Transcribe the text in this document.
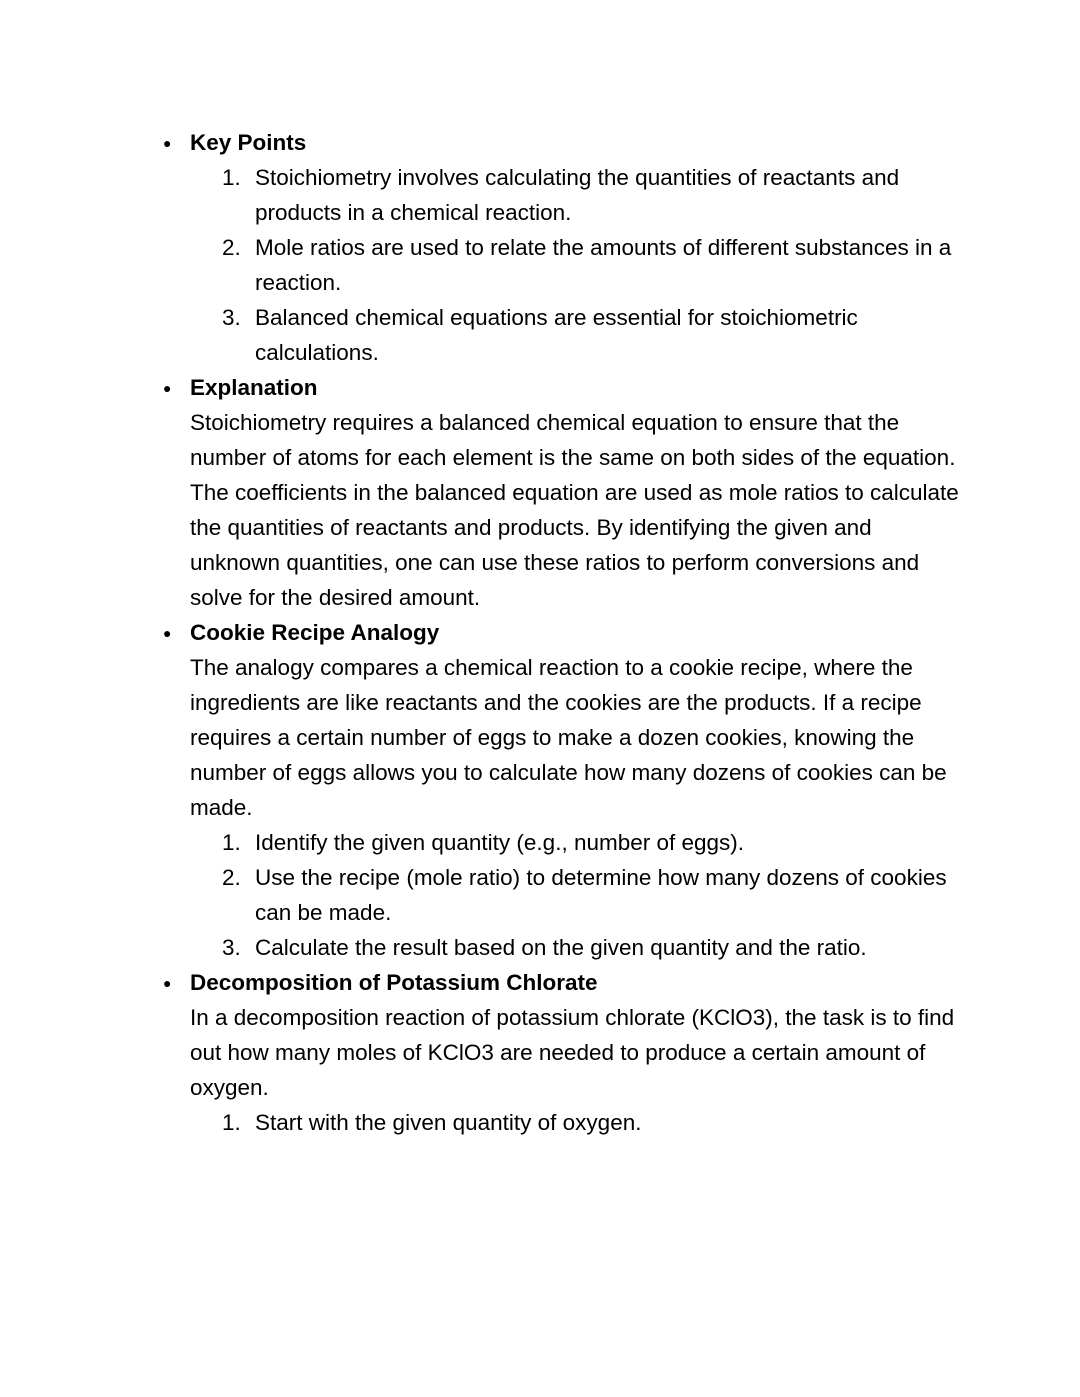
● Key Points
1. Stoichiometry involves calculating the quantities of reactants and products in a chemical reaction.
2. Mole ratios are used to relate the amounts of different substances in a reaction.
3. Balanced chemical equations are essential for stoichiometric calculations.
● Explanation
Stoichiometry requires a balanced chemical equation to ensure that the number of atoms for each element is the same on both sides of the equation. The coefficients in the balanced equation are used as mole ratios to calculate the quantities of reactants and products. By identifying the given and unknown quantities, one can use these ratios to perform conversions and solve for the desired amount.
● Cookie Recipe Analogy
The analogy compares a chemical reaction to a cookie recipe, where the ingredients are like reactants and the cookies are the products. If a recipe requires a certain number of eggs to make a dozen cookies, knowing the number of eggs allows you to calculate how many dozens of cookies can be made.
1. Identify the given quantity (e.g., number of eggs).
2. Use the recipe (mole ratio) to determine how many dozens of cookies can be made.
3. Calculate the result based on the given quantity and the ratio.
● Decomposition of Potassium Chlorate
In a decomposition reaction of potassium chlorate (KClO3), the task is to find out how many moles of KClO3 are needed to produce a certain amount of oxygen.
1. Start with the given quantity of oxygen.
